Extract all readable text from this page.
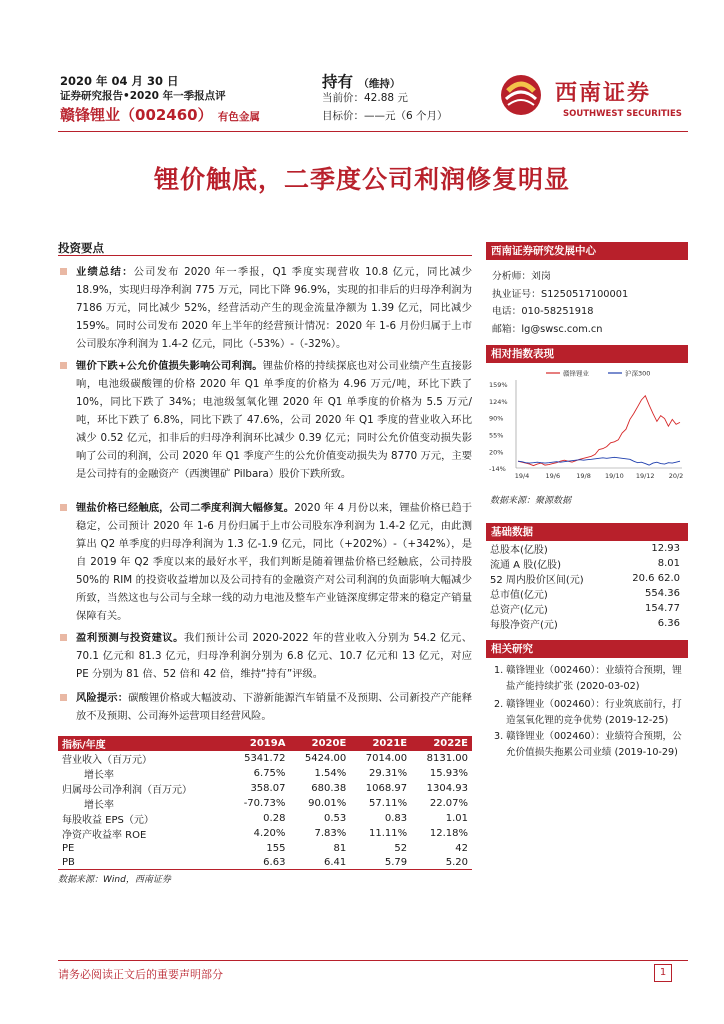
2020 年 04 月 30 日
证券研究报告•2020 年一季报点评
赣锋锂业（002460） 有色金属
持有 （维持）
当前价：42.88 元
目标价：——元（6 个月）
西南证券
SOUTHWEST SECURITIES
锂价触底，二季度公司利润修复明显
投资要点
业绩总结：公司发布 2020 年一季报，Q1 季度实现营收 10.8 亿元，同比减少 18.9%，实现归母净利润 775 万元，同比下降 96.9%，实现的扣非后的归母净利润为 7186 万元，同比减少 52%，经营活动产生的现金流量净额为 1.39 亿元，同比减少 159%。同时公司发布 2020 年上半年的经营预计情况：2020 年 1-6 月份归属于上市公司股东净利润为 1.4-2 亿元，同比（-53%）-（-32%）。
锂价下跌+公允价值损失影响公司利润。锂盐价格的持续探底也对公司业绩产生直接影响，电池级碳酸锂的价格 2020 年 Q1 单季度的价格为 4.96 万元/吨，环比下跌了 10%，同比下跌了 34%；电池级氢氧化锂 2020 年 Q1 单季度的价格为 5.5 万元/吨，环比下跌了 6.8%，同比下跌了 47.6%，公司 2020 年 Q1 季度的营业收入环比减少 0.52 亿元，扣非后的归母净利润环比减少 0.39 亿元；同时公允价值变动损失影响了公司的利润，公司 2020 年 Q1 季度产生的公允价值变动损失为 8770 万元，主要是公司持有的金融资产（西澳锂矿 Pilbara）股价下跌所致。
锂盐价格已经触底，公司二季度利润大幅修复。2020 年 4 月份以来，锂盐价格已趋于稳定，公司预计 2020 年 1-6 月份归属于上市公司股东净利润为 1.4-2 亿元，由此测算出 Q2 单季度的归母净利润为 1.3 亿-1.9 亿元，同比（+202%）-（+342%），是自 2019 年 Q2 季度以来的最好水平，我们判断是随着锂盐价格已经触底，公司持股 50%的 RIM 的投资收益增加以及公司持有的金融资产对公司利润的负面影响大幅减少所致，当然这也与公司与全球一线的动力电池及整车产业链深度绑定带来的稳定产销量保障有关。
盈利预测与投资建议。我们预计公司 2020-2022 年的营业收入分别为 54.2 亿元、70.1 亿元和 81.3 亿元，归母净利润分别为 6.8 亿元、10.7 亿元和 13 亿元，对应 PE 分别为 81 倍、52 倍和 42 倍，维持“持有”评级。
风险提示：碳酸锂价格或大幅波动、下游新能源汽车销量不及预期、公司新投产产能释放不及预期、公司海外运营项目经营风险。
指标/年度	2019A	2020E	2021E	2022E
营业收入（百万元）	5341.72	5424.00	7014.00	8131.00
增长率	6.75%	1.54%	29.31%	15.93%
归属母公司净利润（百万元）	358.07	680.38	1068.97	1304.93
增长率	-70.73%	90.01%	57.11%	22.07%
每股收益 EPS（元）	0.28	0.53	0.83	1.01
净资产收益率 ROE	4.20%	7.83%	11.11%	12.18%
PE	155	81	52	42
PB	6.63	6.41	5.79	5.20
数据来源：Wind，西南证券
西南证券研究发展中心
分析师：刘岗
执业证号：S1250517100001
电话：010-58251918
邮箱：lg@swsc.com.cn
相对指数表现
159%
124%
90%
55%
20%
-14%
19/4 19/6 19/8 19/10 19/12 20/2
赣锋锂业	沪深300
数据来源：聚源数据
基础数据
总股本(亿股)	12.93
流通 A 股(亿股)	8.01
52 周内股价区间(元)	20.6 62.0
总市值(亿元)	554.36
总资产(亿元)	154.77
每股净资产(元)	6.36
相关研究
1. 赣锋锂业（002460）：业绩符合预期，锂盐产能持续扩张 (2020-03-02)
2. 赣锋锂业（002460）：行业筑底前行，打造氢氧化锂的竞争优势 (2019-12-25)
3. 赣锋锂业（002460）：业绩符合预期，公允价值损失拖累公司业绩 (2019-10-29)
请务必阅读正文后的重要声明部分	1
